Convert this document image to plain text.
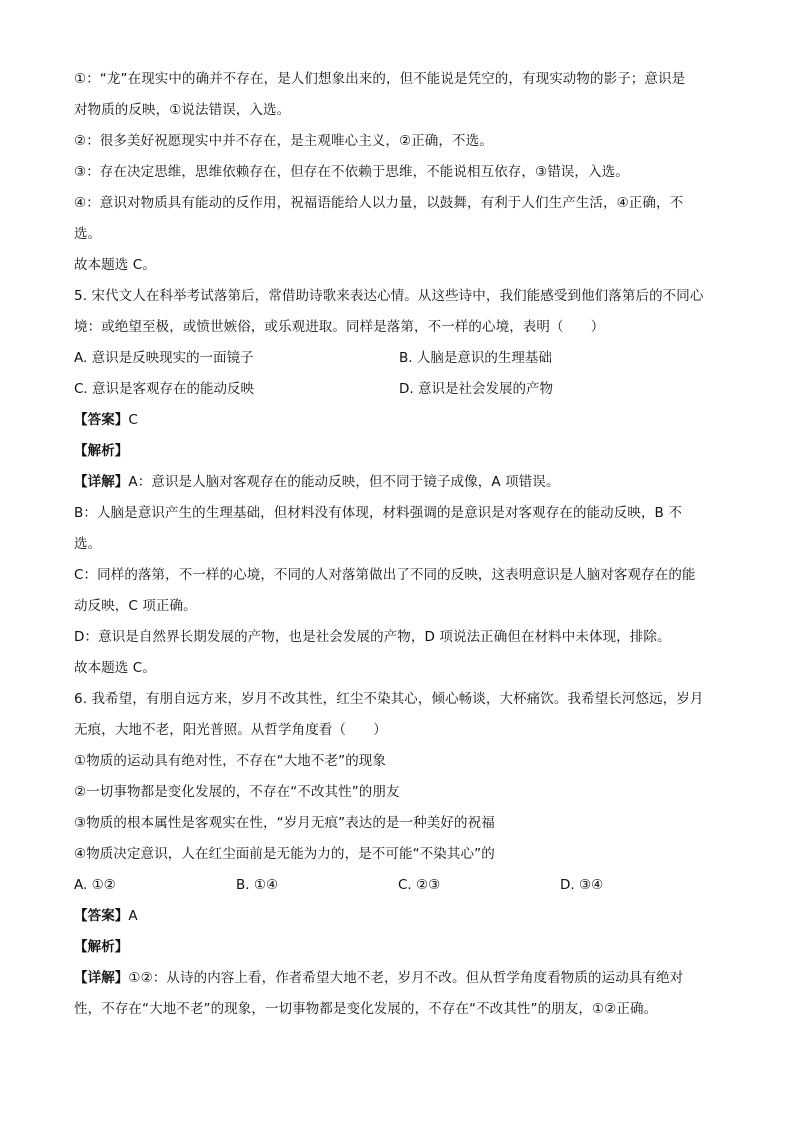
①：“龙”在现实中的确并不存在，是人们想象出来的，但不能说是凭空的，有现实动物的影子；意识是
对物质的反映，①说法错误，入选。
②：很多美好祝愿现实中并不存在，是主观唯心主义，②正确，不选。
③：存在决定思维，思维依赖存在，但存在不依赖于思维，不能说相互依存，③错误，入选。
④：意识对物质具有能动的反作用，祝福语能给人以力量，以鼓舞，有利于人们生产生活，④正确，不
选。
故本题选 C。
5. 宋代文人在科举考试落第后，常借助诗歌来表达心情。从这些诗中，我们能感受到他们落第后的不同心
境：或绝望至极，或愤世嫉俗，或乐观进取。同样是落第，不一样的心境，表明（　　）
A. 意识是反映现实的一面镜子	B. 人脑是意识的生理基础
C. 意识是客观存在的能动反映	D. 意识是社会发展的产物
【答案】C
【解析】
【详解】A：意识是人脑对客观存在的能动反映，但不同于镜子成像，A 项错误。
B：人脑是意识产生的生理基础，但材料没有体现，材料强调的是意识是对客观存在的能动反映，B 不
选。
C：同样的落第，不一样的心境，不同的人对落第做出了不同的反映，这表明意识是人脑对客观存在的能
动反映，C 项正确。
D：意识是自然界长期发展的产物，也是社会发展的产物，D 项说法正确但在材料中未体现，排除。
故本题选 C。
6. 我希望，有朋自远方来，岁月不改其性，红尘不染其心，倾心畅谈，大杯痛饮。我希望长河悠远，岁月
无痕，大地不老，阳光普照。从哲学角度看（　　）
①物质的运动具有绝对性，不存在“大地不老”的现象
②一切事物都是变化发展的，不存在“不改其性”的朋友
③物质的根本属性是客观实在性，“岁月无痕”表达的是一种美好的祝福
④物质决定意识，人在红尘面前是无能为力的，是不可能“不染其心”的
A. ①②	B. ①④	C. ②③	D. ③④
【答案】A
【解析】
【详解】①②：从诗的内容上看，作者希望大地不老，岁月不改。但从哲学角度看物质的运动具有绝对
性，不存在“大地不老”的现象，一切事物都是变化发展的，不存在“不改其性”的朋友，①②正确。
